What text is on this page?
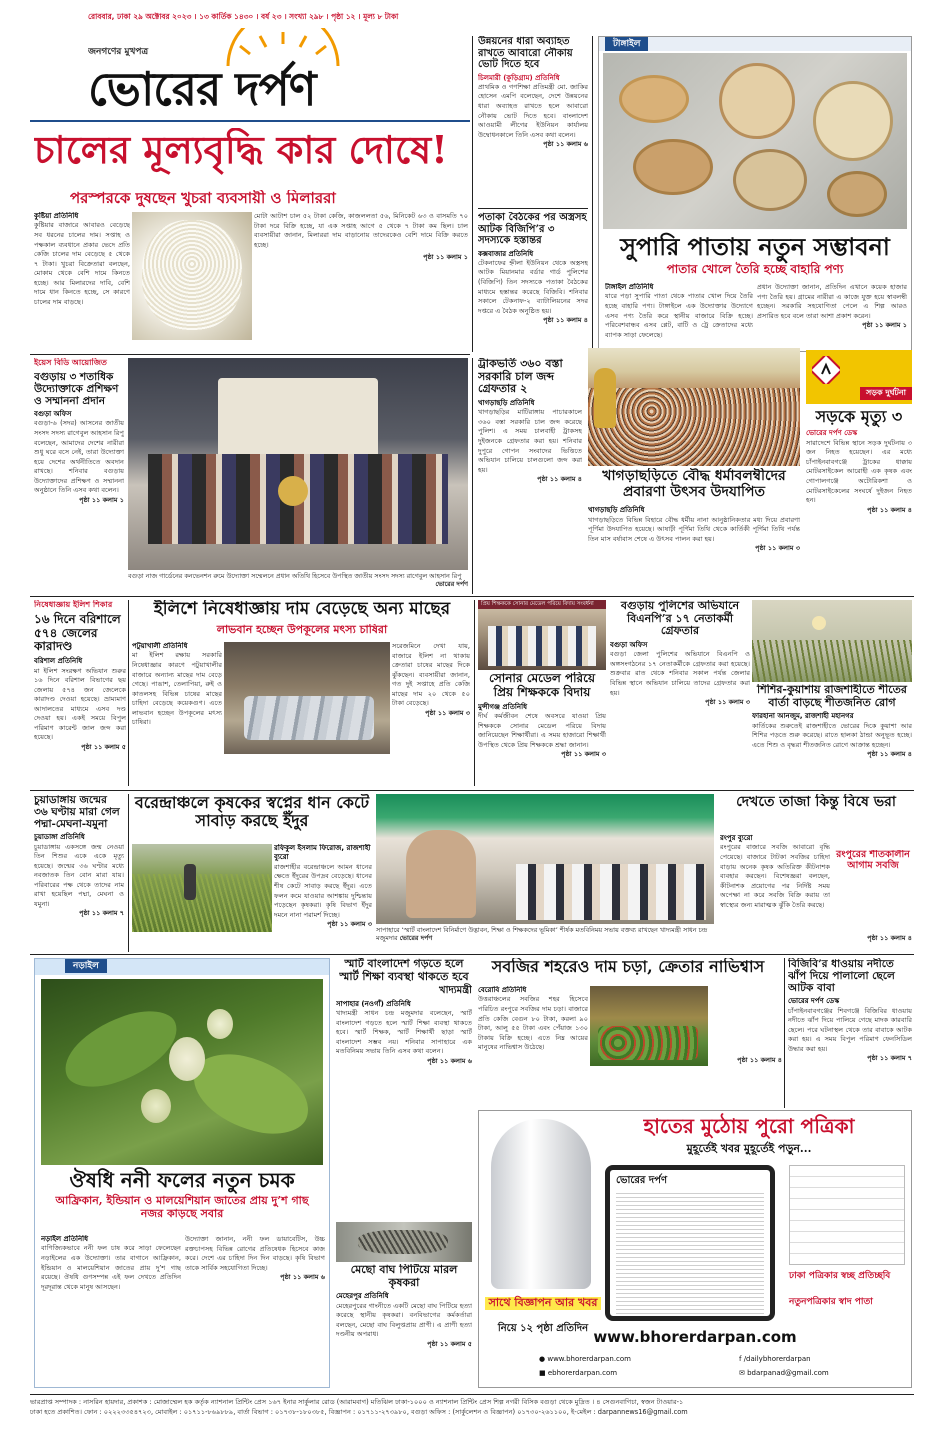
রোববার, ঢাকা ২৯ অক্টোবর ২০২৩ । ১৩ কার্তিক ১৪৩০ । বর্ষ ২৩ । সংখ্যা ২৯৮ । পৃষ্ঠা ১২ । মূল্য ৮ টাকা
জনগণের মুখপত্র
ভোরের দর্পণ
চালের মূল্যবৃদ্ধি কার দোষে!
পরস্পরকে দুষছেন খুচরা ব্যবসায়ী ও মিলাররা
কুষ্টিয়া প্রতিনিধি
কুষ্টিয়ার বাজারে আবারও বেড়েছে সব ধরনের চালের দাম। সপ্তাহ ও পক্ষকাল ব্যবধানে প্রকার ভেদে প্রতি কেজি চালের দাম বেড়েছে ৫ থেকে ৭ টাকা। খুচরা বিক্রেতারা বলছেন, মোকাম থেকে বেশি দামে কিনতে হচ্ছে। আর মিলারদের দাবি, বেশি দামে ধান কিনতে হচ্ছে, সে কারণে চালের দাম বাড়ছে।
মোটা আটাশ চাল ৫২ টাকা কেজি, কাজললতা ৫৬, মিনিকেট ৬৩ ও বাসমতি ৭০ টাকা দরে বিক্রি হচ্ছে, যা এক সপ্তাহ আগে ৫ থেকে ৭ টাকা কম ছিল। চাল ব্যবসায়ীরা জানান, মিলাররা দাম বাড়ানোয় তাদেরকেও বেশি দামে বিক্রি করতে হচ্ছে।
পৃষ্ঠা ১১ কলাম ১
উন্নয়নের ধারা অব্যাহত রাখতে আবারো নৌকায় ভোট দিতে হবে
চিলমারী (কুড়িগ্রাম) প্রতিনিধি
প্রাথমিক ও গণশিক্ষা প্রতিমন্ত্রী মো. জাকির হোসেন এমপি বলেছেন, দেশে উন্নয়নের ধারা অব্যাহত রাখতে হলে আবারো নৌকায় ভোট দিতে হবে। বাংলাদেশ আওয়ামী লীগের ইউনিয়ন কার্যালয় উদ্বোধনকালে তিনি এসব কথা বলেন।
পৃষ্ঠা ১১ কলাম ৬
পতাকা বৈঠকের পর অস্ত্রসহ আটক বিজিপি’র ৩ সদস্যকে হস্তান্তর
কক্সবাজার প্রতিনিধি
টেকনাফের হ্নীলা ইউনিয়ন থেকে অস্ত্রসহ আটক মিয়ানমার বর্ডার গার্ড পুলিশের (বিজিপি) তিন সদস্যকে পতাকা বৈঠকের মাধ্যমে হস্তান্তর করেছে বিজিবি। শনিবার সকালে টেকনাফ-২ ব্যাটালিয়নের সদর দপ্তরে এ বৈঠক অনুষ্ঠিত হয়।
পৃষ্ঠা ১১ কলাম ৪
টাঙ্গাইল
সুপারি পাতায় নতুন সম্ভাবনা
পাতার খোলে তৈরি হচ্ছে বাহারি পণ্য
টাঙ্গাইল প্রতিনিধি
যারে পড়া সুপারি পাতা থেকে পাতার খোল দিয়ে তৈরি হচ্ছে বাহারি পণ্য। টাঙ্গাইলে এক উদ্যোক্তার উদ্যোগে এসব পণ্য তৈরি করে স্থানীয় বাজারে বিক্রি হচ্ছে। পরিবেশবান্ধব এসব প্লেট, বাটি ও ট্রে ক্রেতাদের মধ্যে ব্যাপক সাড়া ফেলেছে।
প্রধান উদ্যোক্তা জানান, প্রতিদিন এখানে কয়েক হাজার পণ্য তৈরি হয়। গ্রামের নারীরা এ কাজে যুক্ত হয়ে স্বাবলম্বী হচ্ছেন। সরকারি সহযোগিতা পেলে এ শিল্প আরও প্রসারিত হবে বলে তারা আশা প্রকাশ করেন।
পৃষ্ঠা ১১ কলাম ১
ইয়েস বিডি আয়োজিত
বগুড়ায় ৩ শতাধিক উদ্যোক্তাকে প্রশিক্ষণ ও সম্মাননা প্রদান
বগুড়া অফিস
বগুড়া-৬ (সদর) আসনের জাতীয় সংসদ সদস্য রাগেবুল আহসান রিপু বলেছেন, আমাদের দেশের নারীরা শুধু ঘরে বসে নেই, তারা উদ্যোক্তা হয়ে দেশের অর্থনীতিতে অবদান রাখছে। শনিবার বগুড়ায় উদ্যোক্তাদের প্রশিক্ষণ ও সম্মাননা অনুষ্ঠানে তিনি এসব কথা বলেন।
পৃষ্ঠা ১১ কলাম ১
বগুড়া নাজ গার্ডেনের কনভেনশন রুমে উদ্যোক্তা সম্মেলনে প্রধান অতিথি হিসেবে উপস্থিত জাতীয় সংসদ সদস্য রাগেবুল আহসান রিপু
ভোরের দর্পণ
ট্রাকভর্তি ৩৬০ বস্তা সরকারি চাল জব্দ গ্রেফতার ২
খাগড়াছড়ি প্রতিনিধি
খাগড়াছড়ির মাটিরাঙ্গায় পাচারকালে ৩৬০ বস্তা সরকারি চাল জব্দ করেছে পুলিশ। এ সময় চালবাহী ট্রাকসহ দুইজনকে গ্রেফতার করা হয়। শনিবার দুপুরে গোপন সংবাদের ভিত্তিতে অভিযান চালিয়ে চালগুলো জব্দ করা হয়।
পৃষ্ঠা ১১ কলাম ৪	খাগড়াছড়িতে বৌদ্ধ ধর্মাবলম্বীদের প্রবারণা উৎসব উদযাপিত
খাগড়াছড়ি প্রতিনিধি
খাগড়াছড়িতে বিভিন্ন বিহারে বৌদ্ধ ধর্মীয় নানা আনুষ্ঠানিকতার মধ্য দিয়ে প্রবারণা পূর্ণিমা উদযাপিত হয়েছে। আষাঢ়ী পূর্ণিমা তিথি থেকে কার্তিকী পূর্ণিমা তিথি পর্যন্ত তিন মাস বর্ষাবাস শেষে এ উৎসব পালন করা হয়।
পৃষ্ঠা ১১ কলাম ৩
সড়ক দুর্ঘটনা
সড়কে মৃত্যু ৩
ভোরের দর্পণ ডেস্ক
সারাদেশে বিভিন্ন স্থানে সড়ক দুর্ঘটনায় ৩ জন নিহত হয়েছেন। এর মধ্যে চাঁপাইনবাবগঞ্জে ট্রাকের ধাক্কায় মোটরসাইকেল আরোহী এক কৃষক এবং গোপালগঞ্জে অটোরিকশা ও মোটরসাইকেলের সংঘর্ষে দুইজন নিহত হন।
পৃষ্ঠা ১১ কলাম ৪
নিষেধাজ্ঞায় ইলিশ শিকার
১৬ দিনে বরিশালে ৫৭৪ জেলের কারাদণ্ড
বরিশাল প্রতিনিধি
মা ইলিশ সংরক্ষণ অভিযান শুরুর ১৬ দিনে বরিশাল বিভাগের ছয় জেলায় ৫৭৪ জন জেলেকে কারাদণ্ড দেওয়া হয়েছে। ভ্রাম্যমাণ আদালতের মাধ্যমে এসব দণ্ড দেওয়া হয়। একই সময়ে বিপুল পরিমাণ কারেন্ট জাল জব্দ করা হয়েছে।
পৃষ্ঠা ১১ কলাম ৫
ইলিশে নিষেধাজ্ঞায় দাম বেড়েছে অন্য মাছের
লাভবান হচ্ছেন উপকূলের মৎস্য চাষিরা
পটুয়াখালী প্রতিনিধি
মা ইলিশ রক্ষায় সরকারি নিষেধাজ্ঞার কারণে পটুয়াখালীর বাজারে অন্যান্য মাছের দাম বেড়ে গেছে। পাঙাশ, তেলাপিয়া, রুই ও কাতলসহ বিভিন্ন চাষের মাছের চাহিদা বেড়েছে কয়েকগুণ। এতে লাভবান হচ্ছেন উপকূলের মৎস্য চাষিরা।
সরেজমিনে দেখা যায়, বাজারে ইলিশ না থাকায় ক্রেতারা চাষের মাছের দিকে ঝুঁকছেন। ব্যবসায়ীরা জানান, গত দুই সপ্তাহে প্রতি কেজি মাছের দাম ২০ থেকে ৫০ টাকা বেড়েছে।
পৃষ্ঠা ১১ কলাম ৩
প্রিয় শিক্ষককে সোনার মেডেল পরিয়ে বিদায় সংবর্ধনা
সোনার মেডেল পরিয়ে প্রিয় শিক্ষককে বিদায়
মুন্সীগঞ্জ প্রতিনিধি
দীর্ঘ কর্মজীবন শেষে অবসরে যাওয়া প্রিয় শিক্ষককে সোনার মেডেল পরিয়ে বিদায় জানিয়েছেন শিক্ষার্থীরা। এ সময় হাজারো শিক্ষার্থী উপস্থিত থেকে প্রিয় শিক্ষককে শ্রদ্ধা জানান।
পৃষ্ঠা ১১ কলাম ৩
বগুড়ায় পুলিশের অভিযানে বিএনপি’র ১৭ নেতাকর্মী গ্রেফতার
বগুড়া অফিস
বগুড়া জেলা পুলিশের অভিযানে বিএনপি ও অঙ্গসংগঠনের ১৭ নেতাকর্মীকে গ্রেফতার করা হয়েছে। শুক্রবার রাত থেকে শনিবার সকাল পর্যন্ত জেলার বিভিন্ন স্থানে অভিযান চালিয়ে তাদের গ্রেফতার করা হয়।
পৃষ্ঠা ১১ কলাম ৩
শিশির-কুয়াশায় রাজশাহীতে শীতের বার্তা বাড়ছে শীতজনিত রোগ
ফারহানা আনজুম, রাজশাহী মহানগর
কার্তিকের শুরুতেই রাজশাহীতে ভোরের দিকে কুয়াশা আর শিশির পড়তে শুরু করেছে। রাতে হালকা ঠান্ডা অনুভূত হচ্ছে। এতে শিশু ও বৃদ্ধরা শীতজনিত রোগে আক্রান্ত হচ্ছেন।
পৃষ্ঠা ১১ কলাম ৪
চুয়াডাঙ্গায় জন্মের ৩৬ ঘণ্টায় মারা গেল পদ্মা-মেঘনা-যমুনা
চুয়াডাঙ্গা প্রতিনিধি
চুয়াডাঙ্গায় একসঙ্গে জন্ম নেওয়া তিন শিশুর একে একে মৃত্যু হয়েছে। জন্মের ৩৬ ঘণ্টার মধ্যে নবজাতক তিন বোন মারা যায়। পরিবারের পক্ষ থেকে তাদের নাম রাখা হয়েছিল পদ্মা, মেঘনা ও যমুনা।
পৃষ্ঠা ১১ কলাম ৭
বরেন্দ্রাঞ্চলে কৃষকের স্বপ্নের ধান কেটে সাবাড় করছে ইঁদুর
রফিকুল ইসলাম ফিরোজ, রাজশাহী ব্যুরো
রাজশাহীর বরেন্দ্রাঞ্চলে আমন ধানের ক্ষেতে ইঁদুরের উপদ্রব বেড়েছে। ধানের শীষ কেটে সাবাড় করছে ইঁদুর। এতে ফলন কমে যাওয়ার আশঙ্কায় দুশ্চিন্তায় পড়েছেন কৃষকরা। কৃষি বিভাগ ইঁদুর দমনে নানা পরামর্শ দিচ্ছে।
পৃষ্ঠা ১১ কলাম ৩
সাপাহারে ‘স্মার্ট বাংলাদেশ বিনির্মাণে উদ্ভাবন, শিক্ষা ও শিক্ষকদের ভূমিকা’ শীর্ষক মতবিনিময় সভায় বক্তব্য রাখছেন খাদ্যমন্ত্রী সাধন চন্দ্র মজুমদার ভোরের দর্পণ
দেখতে তাজা কিন্তু বিষে ভরা
রংপুর ব্যুরো
রংপুরের বাজারে সবজি আবারো বৃদ্ধি পেয়েছে। বাজারে টাটকা সবজির চাহিদা বাড়ায় অনেক কৃষক অতিরিক্ত কীটনাশক ব্যবহার করছেন। বিশেষজ্ঞরা বলছেন, কীটনাশক প্রয়োগের পর নির্দিষ্ট সময় অপেক্ষা না করে সবজি বিক্রি করায় তা স্বাস্থ্যের জন্য মারাত্মক ঝুঁকি তৈরি করছে।
রংপুরের শীতকালীন আগাম সবজি
পৃষ্ঠা ১১ কলাম ৪
নড়াইল
ঔষধি ননী ফলের নতুন চমক
আফ্রিকান, ইন্ডিয়ান ও মালয়েশিয়ান জাতের প্রায় দু’শ গাছ নজর কাড়ছে সবার
নড়াইল প্রতিনিধি
বাণিজ্যিকভাবে ননী ফল চাষ করে সাড়া ফেলেছেন নড়াইলের এক উদ্যোক্তা। তার বাগানে আফ্রিকান, ইন্ডিয়ান ও মালয়েশিয়ান জাতের প্রায় দু’শ গাছ রয়েছে। ঔষধি গুণসম্পন্ন এই ফল দেখতে প্রতিদিন দূরদূরান্ত থেকে মানুষ আসছেন।
উদ্যোক্তা জানান, ননী ফল ডায়াবেটিস, উচ্চ রক্তচাপসহ বিভিন্ন রোগের প্রতিষেধক হিসেবে কাজ করে। দেশে এর চাহিদা দিন দিন বাড়ছে। কৃষি বিভাগ তাকে সার্বিক সহযোগিতা দিচ্ছে।
পৃষ্ঠা ১১ কলাম ৬
স্মার্ট বাংলাদেশ গড়তে হলে স্মার্ট শিক্ষা ব্যবস্থা থাকতে হবে
খাদ্যমন্ত্রী
সাপাহার (নওগাঁ) প্রতিনিধি
খাদ্যমন্ত্রী সাধন চন্দ্র মজুমদার বলেছেন, স্মার্ট বাংলাদেশ গড়তে হলে স্মার্ট শিক্ষা ব্যবস্থা থাকতে হবে। স্মার্ট শিক্ষক, স্মার্ট শিক্ষার্থী ছাড়া স্মার্ট বাংলাদেশ সম্ভব নয়। শনিবার সাপাহারে এক মতবিনিময় সভায় তিনি এসব কথা বলেন।
পৃষ্ঠা ১১ কলাম ৬
মেছো বাঘ পিটিয়ে মারল কৃষকরা
মেহেরপুর প্রতিনিধি
মেহেরপুরের গাংনীতে একটি মেছো বাঘ পিটিয়ে হত্যা করেছে স্থানীয় কৃষকরা। বনবিভাগের কর্মকর্তারা বলছেন, মেছো বাঘ বিলুপ্তপ্রায় প্রাণী। এ প্রাণী হত্যা দণ্ডনীয় অপরাধ।
পৃষ্ঠা ১১ কলাম ৫
সবজির শহরেও দাম চড়া, ক্রেতার নাভিশ্বাস
বেরোবি প্রতিনিধি
উত্তরাঞ্চলের সবজির শহর হিসেবে পরিচিত রংপুরে সবজির দাম চড়া। বাজারে প্রতি কেজি বেগুন ৮০ টাকা, করলা ৯০ টাকা, আলু ৫৫ টাকা এবং পেঁয়াজ ১৩০ টাকায় বিক্রি হচ্ছে। এতে নিম্ন আয়ের মানুষের নাভিশ্বাস উঠেছে।
পৃষ্ঠা ১১ কলাম ৪
বিজিবি’র ধাওয়ায় নদীতে ঝাঁপ দিয়ে পালালো ছেলে আটক বাবা
ভোরের দর্পণ ডেস্ক
চাঁপাইনবাবগঞ্জের শিবগঞ্জে বিজিবির ধাওয়ায় নদীতে ঝাঁপ দিয়ে পালিয়ে গেছে মাদক কারবারি ছেলে। পরে ঘটনাস্থল থেকে তার বাবাকে আটক করা হয়। এ সময় বিপুল পরিমাণ ফেনসিডিল উদ্ধার করা হয়।
পৃষ্ঠা ১১ কলাম ৭
হাতের মুঠোয় পুরো পত্রিকা
মুহূর্তেই খবর মুহূর্তেই পড়ুন...
ভোরের দর্পণ
সাথে বিজ্ঞাপন আর খবর
নিয়ে ১২ পৃষ্ঠা প্রতিদিন
ঢাকা পত্রিকার স্বচ্ছ প্রতিচ্ছবি
নতুনপত্রিকার স্বাদ পাতা
www.bhorerdarpan.com
● www.bhorerdarpan.com	f /dailybhorerdarpan
■ ebhorerdarpan.com	✉ bdarpanad@gmail.com
ভারপ্রাপ্ত সম্পাদক : নাসরিন হায়দার, প্রকাশক : মোজাম্মেল হক কর্তৃক ন্যাশনাল প্রিন্টিং প্রেস ১৬৭ ইনার সার্কুলার রোড (আরামবাগ) মতিঝিল ঢাকা-১০০০ ও ন্যাশনাল প্রিন্টিং প্রেস শিল্প নগরী বিসিক বগুড়া থেকে মুদ্রিত । ৪ সেগুনবাগিচা, স্বজন টাওয়ার-১
ঢাকা হতে প্রকাশিত। ফোন : ০২২২৩৩৫৪৭২৩, মোবাইল : ০১৭১১-৮৬৯৮৮৯, বার্তা বিভাগ : ০১৭৩৮-১৮০৩৮৫, বিজ্ঞাপন : ০১৭১১-২৭৩৯৮০, বগুড়া অফিস : (সার্কুলেশন ও বিজ্ঞাপন) ০১৭৩০-২৬১১০০, ই-মেইল : darpannews16@gmail.com
